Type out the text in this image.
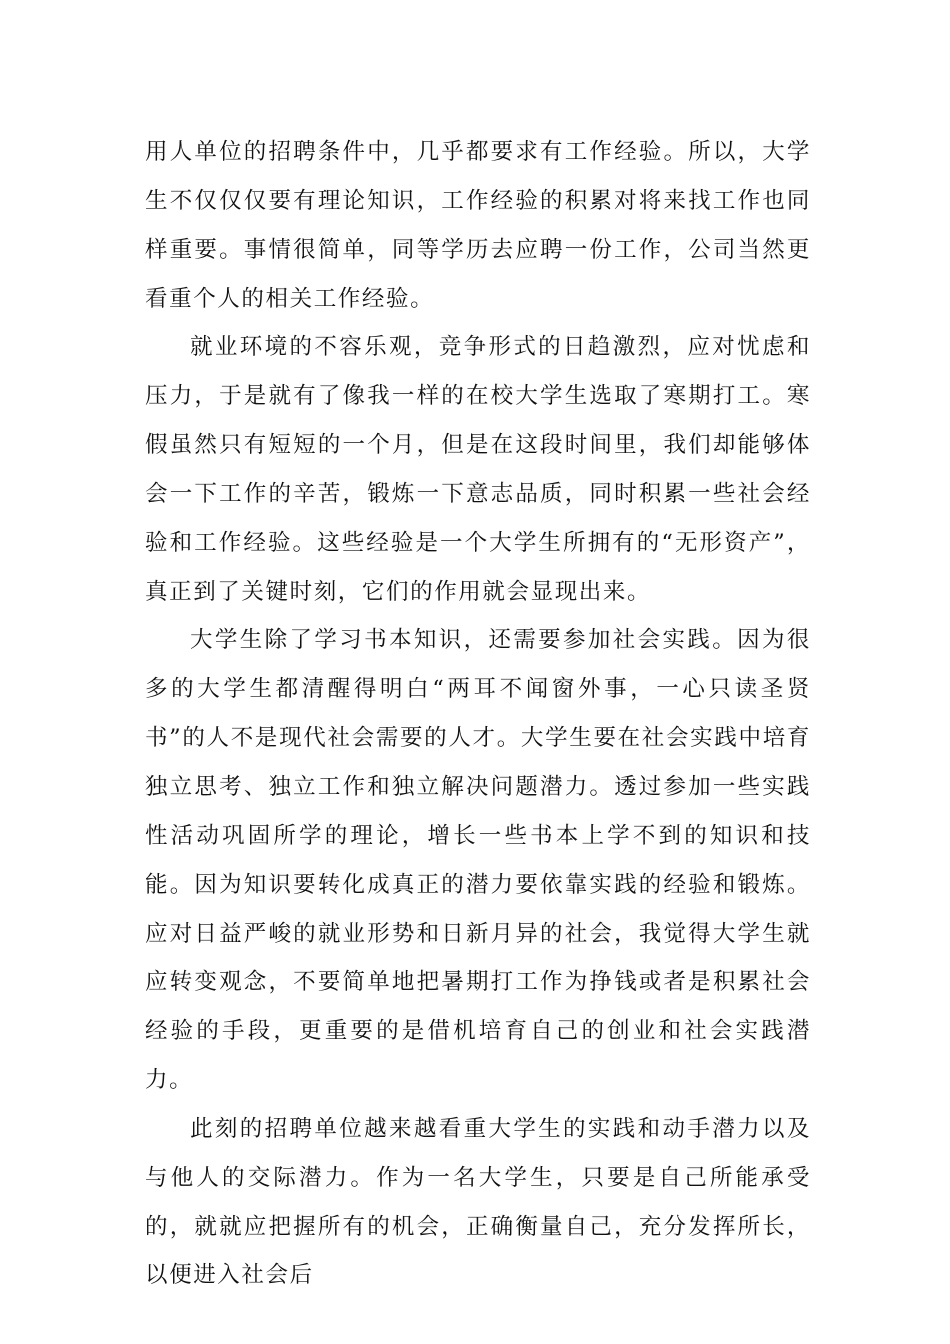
用人单位的招聘条件中，几乎都要求有工作经验。所以，大学生不仅仅仅要有理论知识，工作经验的积累对将来找工作也同样重要。事情很简单，同等学历去应聘一份工作，公司当然更看重个人的相关工作经验。

就业环境的不容乐观，竞争形式的日趋激烈，应对忧虑和压力，于是就有了像我一样的在校大学生选取了寒期打工。寒假虽然只有短短的一个月，但是在这段时间里，我们却能够体会一下工作的辛苦，锻炼一下意志品质，同时积累一些社会经验和工作经验。这些经验是一个大学生所拥有的“无形资产”，真正到了关键时刻，它们的作用就会显现出来。

大学生除了学习书本知识，还需要参加社会实践。因为很多的大学生都清醒得明白“两耳不闻窗外事，一心只读圣贤书”的人不是现代社会需要的人才。大学生要在社会实践中培育独立思考、独立工作和独立解决问题潜力。透过参加一些实践性活动巩固所学的理论，增长一些书本上学不到的知识和技能。因为知识要转化成真正的潜力要依靠实践的经验和锻炼。应对日益严峻的就业形势和日新月异的社会，我觉得大学生就应转变观念，不要简单地把暑期打工作为挣钱或者是积累社会经验的手段，更重要的是借机培育自己的创业和社会实践潜力。

此刻的招聘单位越来越看重大学生的实践和动手潜力以及与他人的交际潜力。作为一名大学生，只要是自己所能承受的，就就应把握所有的机会，正确衡量自己，充分发挥所长，以便进入社会后
